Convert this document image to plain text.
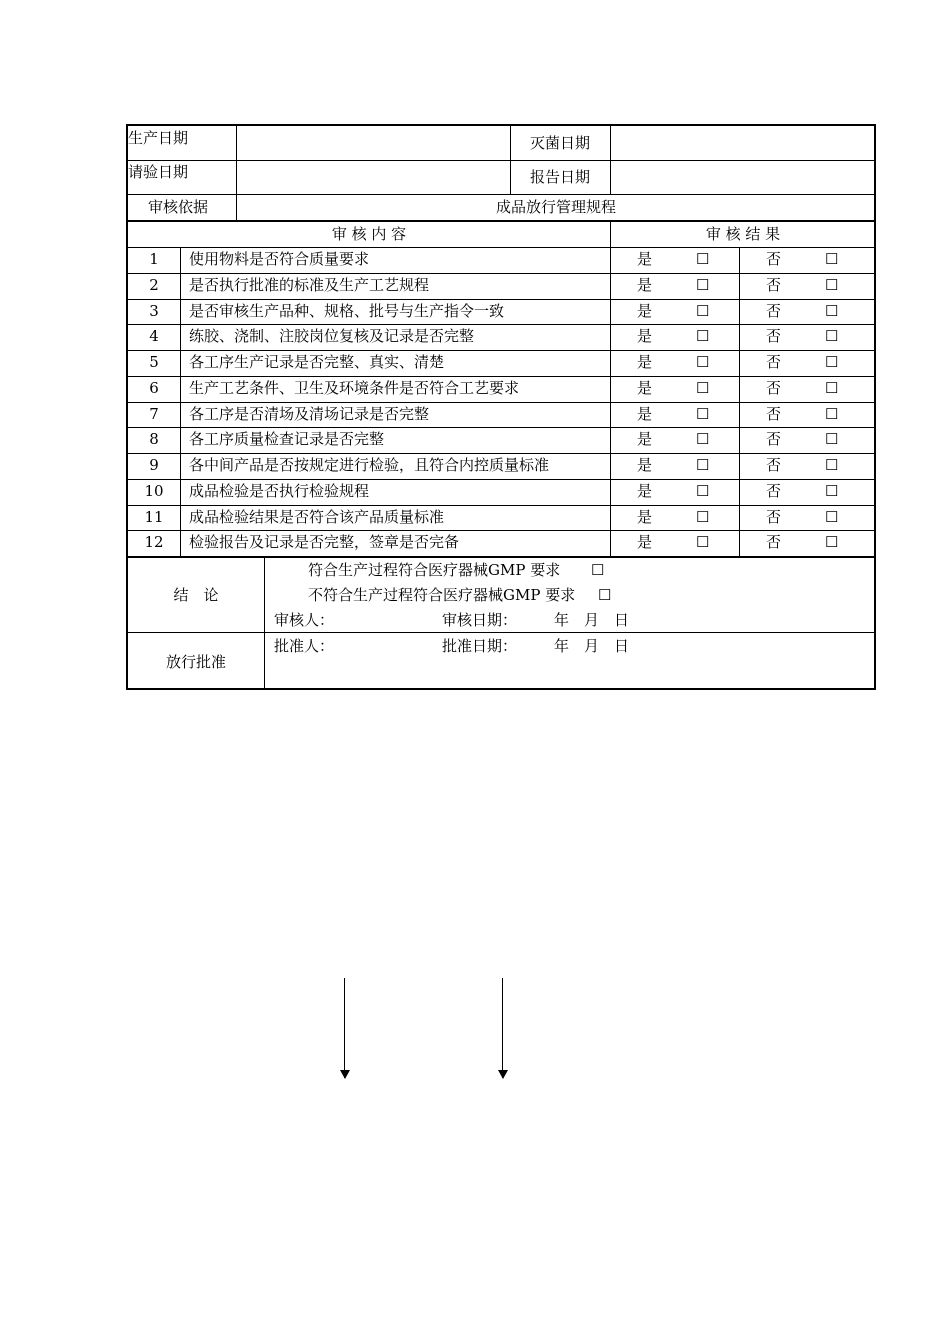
生产日期	灭菌日期
请验日期	报告日期
审核依据	成品放行管理规程
审 核 内 容	审 核 结 果
1	使用物料是否符合质量要求	是	☐	否	☐
2	是否执行批准的标准及生产工艺规程	是	☐	否	☐
3	是否审核生产品种、规格、批号与生产指令一致	是	☐	否	☐
4	练胶、浇制、注胶岗位复核及记录是否完整	是	☐	否	☐
5	各工序生产记录是否完整、真实、清楚	是	☐	否	☐
6	生产工艺条件、卫生及环境条件是否符合工艺要求	是	☐	否	☐
7	各工序是否清场及清场记录是否完整	是	☐	否	☐
8	各工序质量检查记录是否完整	是	☐	否	☐
9	各中间产品是否按规定进行检验，且符合内控质量标准	是	☐	否	☐
10	成品检验是否执行检验规程	是	☐	否	☐
11	成品检验结果是否符合该产品质量标准	是	☐	否	☐
12	检验报告及记录是否完整，签章是否完备	是	☐	否	☐
结　论
符合生产过程符合医疗器械GMP 要求 ☐
不符合生产过程符合医疗器械GMP 要求 ☐
审核人：	审核日期： 年　月　日
放行批准
批准人：	批准日期： 年　月　日
